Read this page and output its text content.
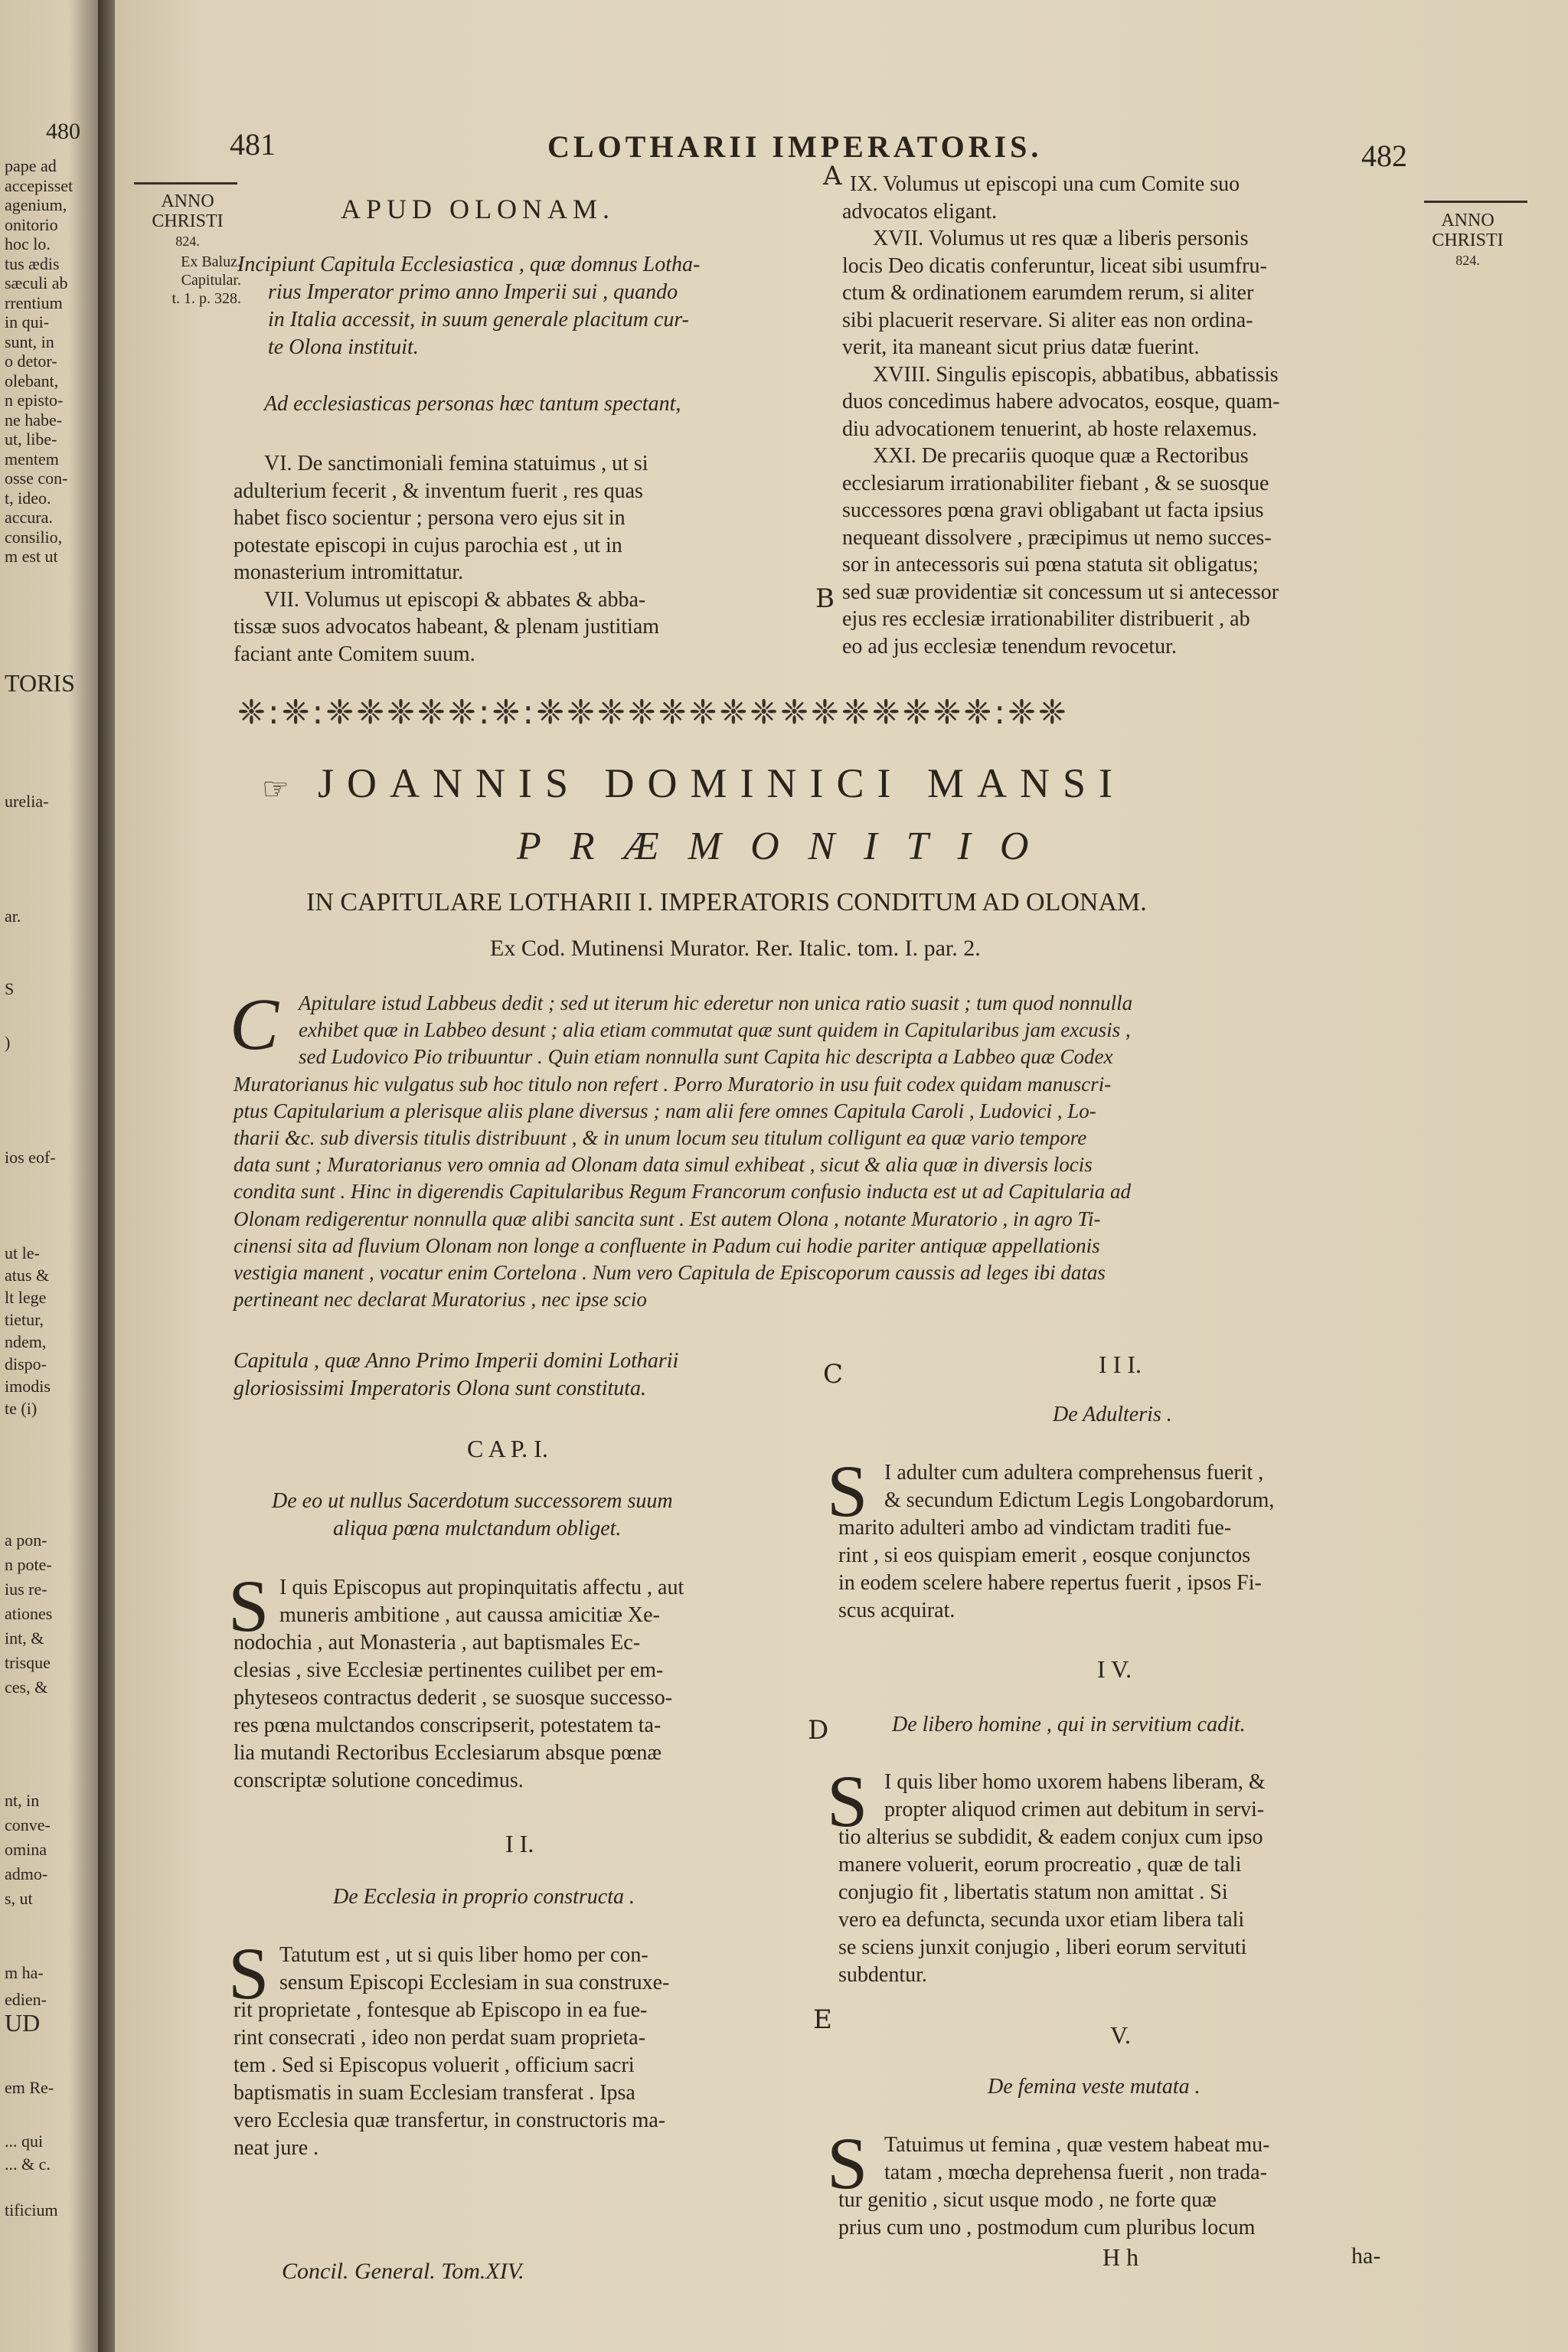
480
pape ad
accepisset
agenium,
onitorio
hoc lo.
tus ædis
sæculi ab
rrentium
in qui-
sunt, in
o detor-
olebant,
n episto-
ne habe-
ut, libe-
mentem
osse con-
t, ideo.
accura.
consilio,
m est ut
TORIS
urelia-
ar.
S
)
ios eof-
ut le-
atus &
lt lege
tietur,
ndem,
dispo-
imodis
te (i)
a pon-
n pote-
ius re-
ationes
int, &
trisque
ces, &
nt, in
conve-
omina
admo-
s, ut
m ha-
edien-
UD
em Re-
... qui
... & c.
tificium
481	CLOTHARII IMPERATORIS.	482
ANNO
CHRISTI
824.
Ex Baluz.
Capitular.
t. 1. p. 328.
ANNO
CHRISTI
824.
APUD OLONAM.
Incipiunt Capitula Ecclesiastica , quæ domnus Lotha-
rius Imperator primo anno Imperii sui , quando
in Italia accessit, in suum generale placitum cur-
te Olona instituit.
Ad ecclesiasticas personas hæc tantum spectant,
VI. De sanctimoniali femina statuimus , ut si
adulterium fecerit , & inventum fuerit , res quas
habet fisco socientur ; persona vero ejus sit in
potestate episcopi in cujus parochia est , ut in
monasterium intromittatur.
VII. Volumus ut episcopi & abbates & abba-
tissæ suos advocatos habeant, & plenam justitiam
faciant ante Comitem suum.
IX. Volumus ut episcopi una cum Comite suo
advocatos eligant.
XVII. Volumus ut res quæ a liberis personis
locis Deo dicatis conferuntur, liceat sibi usumfru-
ctum & ordinationem earumdem rerum, si aliter
sibi placuerit reservare. Si aliter eas non ordina-
verit, ita maneant sicut prius datæ fuerint.
XVIII. Singulis episcopis, abbatibus, abbatissis
duos concedimus habere advocatos, eosque, quam-
diu advocationem tenuerint, ab hoste relaxemus.
XXI. De precariis quoque quæ a Rectoribus
ecclesiarum irrationabiliter fiebant , & se suosque
successores pœna gravi obligabant ut facta ipsius
nequeant dissolvere , præcipimus ut nemo succes-
sor in antecessoris sui pœna statuta sit obligatus;
sed suæ providentiæ sit concessum ut si antecessor
ejus res ecclesiæ irrationabiliter distribuerit , ab
eo ad jus ecclesiæ tenendum revocetur.
❈:❈:❈❈❈❈❈:❈:❈❈❈❈❈❈❈❈❈❈❈❈❈❈❈:❈❈
☞ JOANNIS DOMINICI MANSI
PRÆMONITIO
IN CAPITULARE LOTHARII I. IMPERATORIS CONDITUM AD OLONAM.
Ex Cod. Mutinensi Murator. Rer. Italic. tom. I. par. 2.
C Apitulare istud Labbeus dedit ; sed ut iterum hic ederetur non unica ratio suasit ; tum quod nonnulla
exhibet quæ in Labbeo desunt ; alia etiam commutat quæ sunt quidem in Capitularibus jam excusis ,
sed Ludovico Pio tribuuntur . Quin etiam nonnulla sunt Capita hic descripta a Labbeo quæ Codex
Muratorianus hic vulgatus sub hoc titulo non refert . Porro Muratorio in usu fuit codex quidam manuscri-
ptus Capitularium a plerisque aliis plane diversus ; nam alii fere omnes Capitula Caroli , Ludovici , Lo-
tharii &c. sub diversis titulis distribuunt , & in unum locum seu titulum colligunt ea quæ vario tempore
data sunt ; Muratorianus vero omnia ad Olonam data simul exhibeat , sicut & alia quæ in diversis locis
condita sunt . Hinc in digerendis Capitularibus Regum Francorum confusio inducta est ut ad Capitularia ad
Olonam redigerentur nonnulla quæ alibi sancita sunt . Est autem Olona , notante Muratorio , in agro Ti-
cinensi sita ad fluvium Olonam non longe a confluente in Padum cui hodie pariter antiquæ appellationis
vestigia manent , vocatur enim Cortelona . Num vero Capitula de Episcoporum caussis ad leges ibi datas
pertineant nec declarat Muratorius , nec ipse scio
Capitula , quæ Anno Primo Imperii domini Lotharii
gloriosissimi Imperatoris Olona sunt constituta.
C A P. I.
De eo ut nullus Sacerdotum successorem suum
aliqua pœna mulctandum obliget.
S I quis Episcopus aut propinquitatis affectu , aut
muneris ambitione , aut caussa amicitiæ Xe-
nodochia , aut Monasteria , aut baptismales Ec-
clesias , sive Ecclesiæ pertinentes cuilibet per em-
phyteseos contractus dederit , se suosque successo-
res pœna mulctandos conscripserit, potestatem ta-
lia mutandi Rectoribus Ecclesiarum absque pœnæ
conscriptæ solutione concedimus.
I I.
De Ecclesia in proprio constructa .
S Tatutum est , ut si quis liber homo per con-
sensum Episcopi Ecclesiam in sua construxe-
rit proprietate , fontesque ab Episcopo in ea fue-
rint consecrati , ideo non perdat suam proprieta-
tem . Sed si Episcopus voluerit , officium sacri
baptismatis in suam Ecclesiam transferat . Ipsa
vero Ecclesia quæ transfertur, in constructoris ma-
neat jure .
Concil. General. Tom.XIV.
I I I.
De Adulteris .
S I adulter cum adultera comprehensus fuerit ,
& secundum Edictum Legis Longobardorum,
marito adulteri ambo ad vindictam traditi fue-
rint , si eos quispiam emerit , eosque conjunctos
in eodem scelere habere repertus fuerit , ipsos Fi-
scus acquirat.
I V.
De libero homine , qui in servitium cadit.
S I quis liber homo uxorem habens liberam, &
propter aliquod crimen aut debitum in servi-
tio alterius se subdidit, & eadem conjux cum ipso
manere voluerit, eorum procreatio , quæ de tali
conjugio fit , libertatis statum non amittat . Si
vero ea defuncta, secunda uxor etiam libera tali
se sciens junxit conjugio , liberi eorum servituti
subdentur.
V.
De femina veste mutata .
S Tatuimus ut femina , quæ vestem habeat mu-
tatam , mœcha deprehensa fuerit , non trada-
tur genitio , sicut usque modo , ne forte quæ
prius cum uno , postmodum cum pluribus locum
H h	ha-
A
B
C
D
E
